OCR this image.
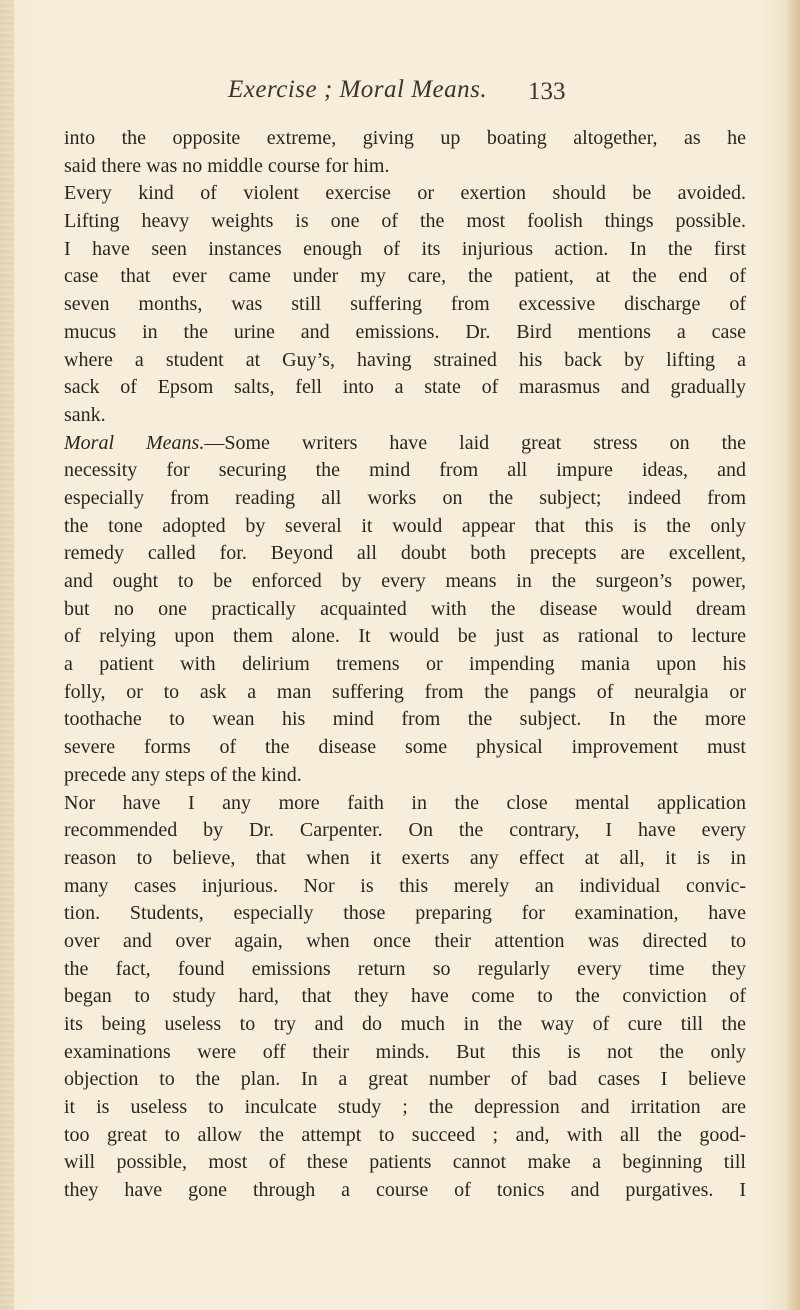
Exercise ; Moral Means.	133
into the opposite extreme, giving up boating altogether, as he
said there was no middle course for him.
Every kind of violent exercise or exertion should be avoided.
Lifting heavy weights is one of the most foolish things possible.
I have seen instances enough of its injurious action. In the first
case that ever came under my care, the patient, at the end of
seven months, was still suffering from excessive discharge of
mucus in the urine and emissions. Dr. Bird mentions a case
where a student at Guy’s, having strained his back by lifting a
sack of Epsom salts, fell into a state of marasmus and gradually
sank.
Moral Means.—Some writers have laid great stress on the
necessity for securing the mind from all impure ideas, and
especially from reading all works on the subject; indeed from
the tone adopted by several it would appear that this is the only
remedy called for. Beyond all doubt both precepts are excellent,
and ought to be enforced by every means in the surgeon’s power,
but no one practically acquainted with the disease would dream
of relying upon them alone. It would be just as rational to lecture
a patient with delirium tremens or impending mania upon his
folly, or to ask a man suffering from the pangs of neuralgia or
toothache to wean his mind from the subject. In the more
severe forms of the disease some physical improvement must
precede any steps of the kind.
Nor have I any more faith in the close mental application
recommended by Dr. Carpenter. On the contrary, I have every
reason to believe, that when it exerts any effect at all, it is in
many cases injurious. Nor is this merely an individual convic-
tion. Students, especially those preparing for examination, have
over and over again, when once their attention was directed to
the fact, found emissions return so regularly every time they
began to study hard, that they have come to the conviction of
its being useless to try and do much in the way of cure till the
examinations were off their minds. But this is not the only
objection to the plan. In a great number of bad cases I believe
it is useless to inculcate study ; the depression and irritation are
too great to allow the attempt to succeed ; and, with all the good-
will possible, most of these patients cannot make a beginning till
they have gone through a course of tonics and purgatives. I
